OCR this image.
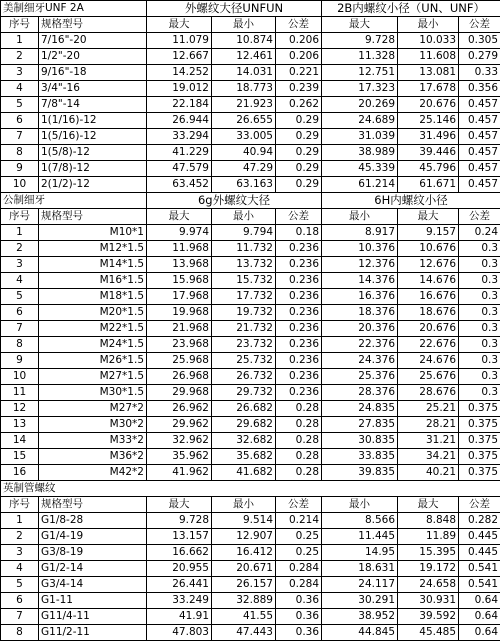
美制细牙UNF 2A		外螺纹大径UNFUN			2B内螺纹小径（UN、UNF）		
序号	规格型号	最大	最小	公差	最大	最小	公差
1	7/16"-20	11.079	10.874	0.206	9.728	10.033	0.305
2	1/2"-20	12.667	12.461	0.206	11.328	11.608	0.279
3	9/16"-18	14.252	14.031	0.221	12.751	13.081	0.33
4	3/4"-16	19.012	18.773	0.239	17.323	17.678	0.356
5	7/8"-14	22.184	21.923	0.262	20.269	20.676	0.457
6	1(1/16)-12	26.944	26.655	0.29	24.689	25.146	0.457
7	1(5/16)-12	33.294	33.005	0.29	31.039	31.496	0.457
8	1(5/8)-12	41.229	40.94	0.29	38.989	39.446	0.457
9	1(7/8)-12	47.579	47.29	0.29	45.339	45.796	0.457
10	2(1/2)-12	63.452	63.163	0.29	61.214	61.671	0.457
公制细牙		6g外螺纹大径			6H内螺纹小径		
序号	规格型号	最大	最小	公差	最小	最大	公差
1	M10*1	9.974	9.794	0.18	8.917	9.157	0.24
2	M12*1.5	11.968	11.732	0.236	10.376	10.676	0.3
3	M14*1.5	13.968	13.732	0.236	12.376	12.676	0.3
4	M16*1.5	15.968	15.732	0.236	14.376	14.676	0.3
5	M18*1.5	17.968	17.732	0.236	16.376	16.676	0.3
6	M20*1.5	19.968	19.732	0.236	18.376	18.676	0.3
7	M22*1.5	21.968	21.732	0.236	20.376	20.676	0.3
8	M24*1.5	23.968	23.732	0.236	22.376	22.676	0.3
9	M26*1.5	25.968	25.732	0.236	24.376	24.676	0.3
10	M27*1.5	26.968	26.732	0.236	25.376	25.676	0.3
11	M30*1.5	29.968	29.732	0.236	28.376	28.676	0.3
12	M27*2	26.962	26.682	0.28	24.835	25.21	0.375
13	M30*2	29.962	29.682	0.28	27.835	28.21	0.375
14	M33*2	32.962	32.682	0.28	30.835	31.21	0.375
15	M36*2	35.962	35.682	0.28	33.835	34.21	0.375
16	M42*2	41.962	41.682	0.28	39.835	40.21	0.375
英制管螺纹							
序号	规格型号	最大	最小	公差	最小	最大	公差
1	G1/8-28	9.728	9.514	0.214	8.566	8.848	0.282
2	G1/4-19	13.157	12.907	0.25	11.445	11.89	0.445
3	G3/8-19	16.662	16.412	0.25	14.95	15.395	0.445
4	G1/2-14	20.955	20.671	0.284	18.631	19.172	0.541
5	G3/4-14	26.441	26.157	0.284	24.117	24.658	0.541
6	G1-11	33.249	32.889	0.36	30.291	30.931	0.64
7	G11/4-11	41.91	41.55	0.36	38.952	39.592	0.64
8	G11/2-11	47.803	47.443	0.36	44.845	45.485	0.64
